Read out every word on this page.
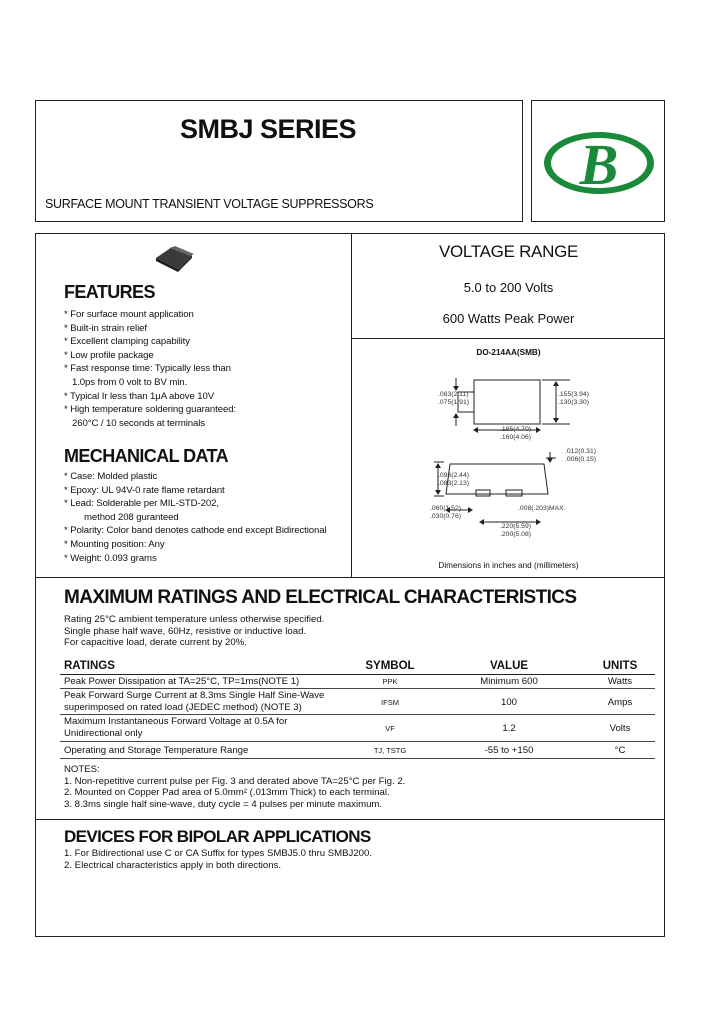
SMBJ SERIES
SURFACE MOUNT TRANSIENT VOLTAGE SUPPRESSORS
B
FEATURES
* For surface mount application
* Built-in strain relief
* Excellent clamping capability
* Low profile package
* Fast response time: Typically less than
1.0ps from 0 volt to BV min.
* Typical Ir less than 1μA above 10V
* High temperature soldering guaranteed:
260°C / 10 seconds at terminals
MECHANICAL DATA
* Case: Molded plastic
* Epoxy: UL 94V-0 rate flame retardant
* Lead: Solderable per MIL-STD-202,
method 208 guranteed
* Polarity: Color band denotes cathode end except Bidirectional
* Mounting position: Any
* Weight: 0.093 grams
VOLTAGE RANGE
5.0 to 200 Volts
600 Watts Peak Power
DO-214AA(SMB)
.083(2.11)
.075(1.91)
.155(3.94)
.130(3.30)
.185(4.70)
.160(4.06)
.012(0.31)
.006(0.15)
.096(2.44)
.083(2.13)
.060(1.52)
.030(0.76)
.008(.203)MAX.
.220(5.59)
.200(5.08)
Dimensions in inches and (millimeters)
MAXIMUM RATINGS AND ELECTRICAL CHARACTERISTICS
Rating 25°C ambient temperature unless otherwise specified.
Single phase half wave, 60Hz, resistive or inductive load.
For capacitive load, derate current by 20%.
RATINGS	SYMBOL	VALUE	UNITS
Peak Power Dissipation at TA=25°C, TP=1ms(NOTE 1)	PPK	Minimum 600	Watts
Peak Forward Surge Current at 8.3ms Single Half Sine-Wave
superimposed on rated load (JEDEC method) (NOTE 3)	IFSM	100	Amps
Maximum Instantaneous Forward Voltage at 0.5A for
Unidirectional only	VF	1.2	Volts
Operating and Storage Temperature Range	TJ, TSTG	-55 to +150	°C
NOTES:
1. Non-repetitive current pulse per Fig. 3 and derated above TA=25°C per Fig. 2.
2. Mounted on Copper Pad area of 5.0mm² (.013mm Thick) to each terminal.
3. 8.3ms single half sine-wave, duty cycle = 4 pulses per minute maximum.
DEVICES FOR BIPOLAR APPLICATIONS
1. For Bidirectional use C or CA Suffix for types SMBJ5.0 thru SMBJ200.
2. Electrical characteristics apply in both directions.
